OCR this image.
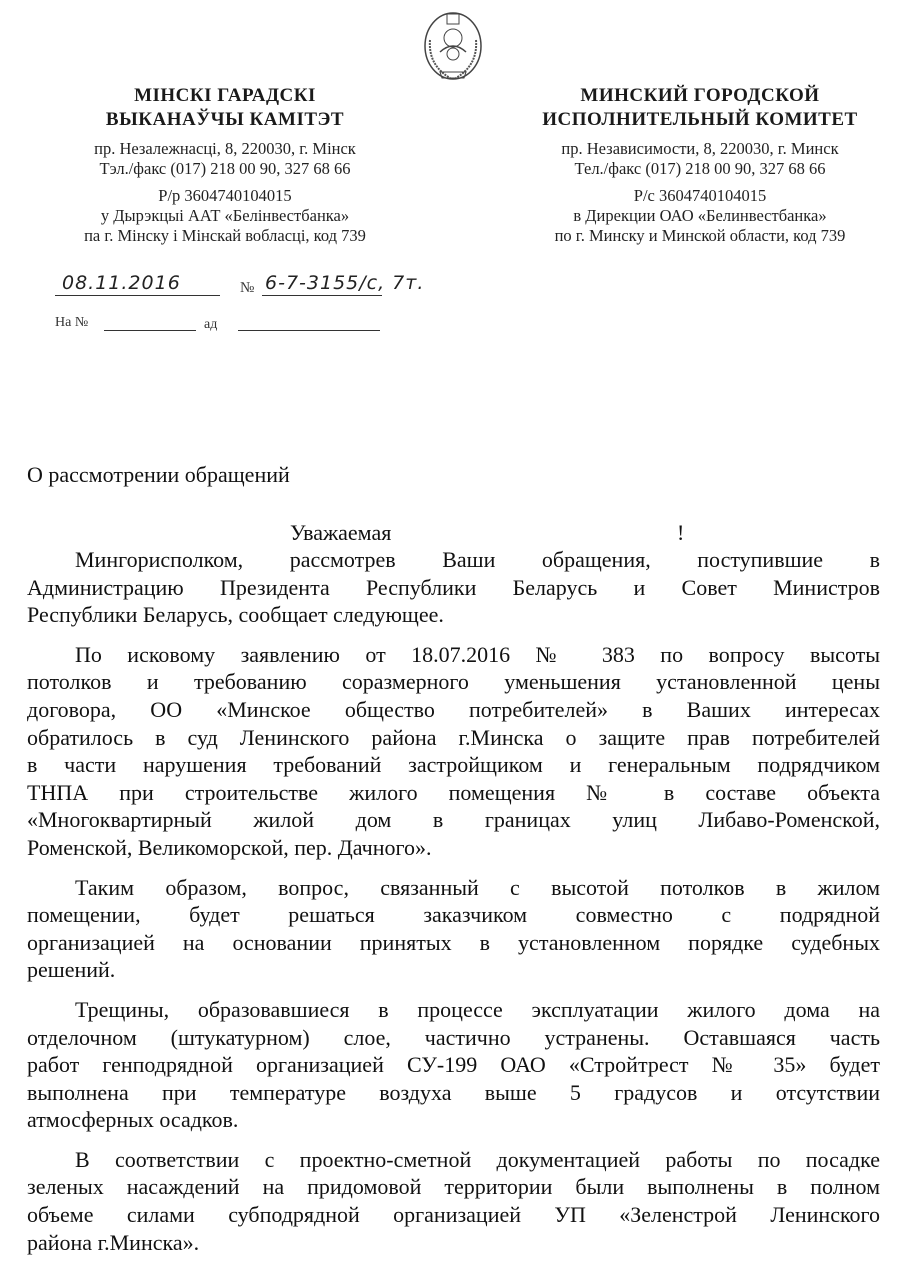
МІНСКІ ГАРАДСКІ
ВЫКАНАЎЧЫ КАМІТЭТ
пр. Незалежнасці, 8, 220030, г. Мінск
Тэл./факс (017) 218 00 90, 327 68 66
Р/р 3604740104015
у Дырэкцыі ААТ «Белінвестбанка»
па г. Мінску і Мінскай вобласці, код 739
МИНСКИЙ ГОРОДСКОЙ
ИСПОЛНИТЕЛЬНЫЙ КОМИТЕТ
пр. Независимости, 8, 220030, г. Минск
Тел./факс (017) 218 00 90, 327 68 66
Р/с 3604740104015
в Дирекции ОАО «Белинвестбанка»
по г. Минску и Минской области, код 739
08.11.2016	№ 6-7-3155/с, 7т.
На №	ад
О рассмотрении обращений
Уважаемая	!
Мингорисполком, рассмотрев Ваши обращения, поступившие в
Администрацию Президента Республики Беларусь и Совет Министров
Республики Беларусь, сообщает следующее.
По исковому заявлению от 18.07.2016 № 383 по вопросу высоты
потолков и требованию соразмерного уменьшения установленной цены
договора, ОО «Минское общество потребителей» в Ваших интересах
обратилось в суд Ленинского района г.Минска о защите прав потребителей
в части нарушения требований застройщиком и генеральным подрядчиком
ТНПА при строительстве жилого помещения № в составе объекта
«Многоквартирный жилой дом в границах улиц Либаво-Роменской,
Роменской, Великоморской, пер. Дачного».
Таким образом, вопрос, связанный с высотой потолков в жилом
помещении, будет решаться заказчиком совместно с подрядной
организацией на основании принятых в установленном порядке судебных
решений.
Трещины, образовавшиеся в процессе эксплуатации жилого дома на
отделочном (штукатурном) слое, частично устранены. Оставшаяся часть
работ генподрядной организацией СУ-199 ОАО «Стройтрест № 35» будет
выполнена при температуре воздуха выше 5 градусов и отсутствии
атмосферных осадков.
В соответствии с проектно-сметной документацией работы по посадке
зеленых насаждений на придомовой территории были выполнены в полном
объеме силами субподрядной организацией УП «Зеленстрой Ленинского
района г.Минска».
